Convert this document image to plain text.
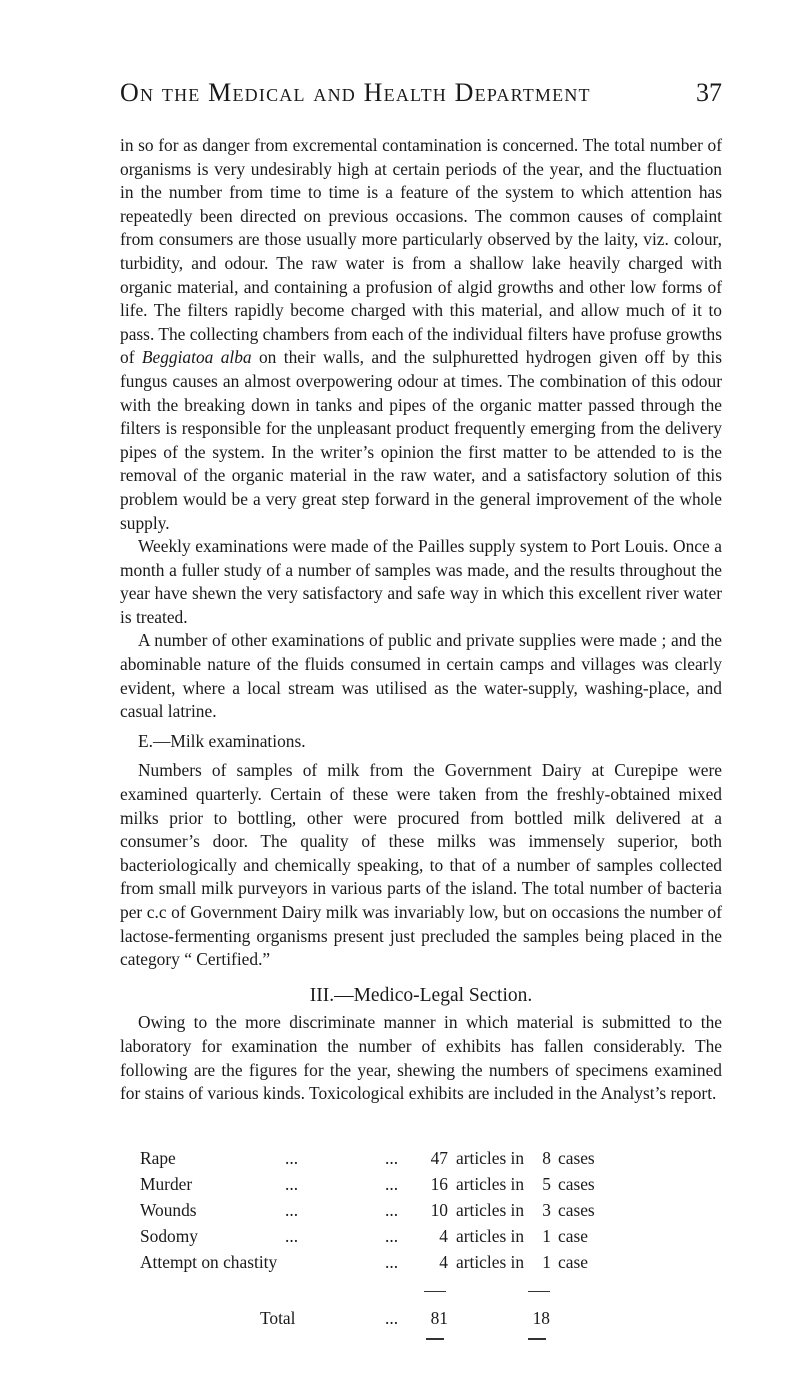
On the Medical and Health Department	37

in so for as danger from excremental contamination is concerned. The total number of organisms is very undesirably high at certain periods of the year, and the fluctuation in the number from time to time is a feature of the system to which attention has repeatedly been directed on previous occasions. The common causes of complaint from consumers are those usually more particularly observed by the laity, viz. colour, turbidity, and odour. The raw water is from a shallow lake heavily charged with organic material, and containing a profusion of algid growths and other low forms of life. The filters rapidly become charged with this material, and allow much of it to pass. The collecting chambers from each of the individual filters have profuse growths of Beggiatoa alba on their walls, and the sulphuretted hydrogen given off by this fungus causes an almost overpowering odour at times. The combination of this odour with the breaking down in tanks and pipes of the organic matter passed through the filters is responsible for the unpleasant product frequently emerging from the delivery pipes of the system. In the writer’s opinion the first matter to be attended to is the removal of the organic material in the raw water, and a satisfactory solution of this problem would be a very great step forward in the general improvement of the whole supply.

Weekly examinations were made of the Pailles supply system to Port Louis. Once a month a fuller study of a number of samples was made, and the results throughout the year have shewn the very satisfactory and safe way in which this excellent river water is treated.

A number of other examinations of public and private supplies were made ; and the abominable nature of the fluids consumed in certain camps and villages was clearly evident, where a local stream was utilised as the water-supply, washing-place, and casual latrine.

E.—Milk examinations.

Numbers of samples of milk from the Government Dairy at Curepipe were examined quarterly. Certain of these were taken from the freshly-obtained mixed milks prior to bottling, other were procured from bottled milk delivered at a consumer’s door. The quality of these milks was immensely superior, both bacteriologically and chemically speaking, to that of a number of samples collected from small milk purveyors in various parts of the island. The total number of bacteria per c.c of Government Dairy milk was invariably low, but on occasions the number of lactose-fermenting organisms present just precluded the samples being placed in the category “ Certified.”

III.—Medico-Legal Section.

Owing to the more discriminate manner in which material is submitted to the laboratory for examination the number of exhibits has fallen considerably. The following are the figures for the year, shewing the numbers of specimens examined for stains of various kinds. Toxicological exhibits are included in the Analyst’s report.

Rape	...	...	47 articles in	8 cases
Murder	...	...	16 articles in	5 cases
Wounds	...	...	10 articles in	3 cases
Sodomy	...	...	4 articles in	1 case
Attempt on chastity	...	4 articles in	1 case
Total	...	81	18
